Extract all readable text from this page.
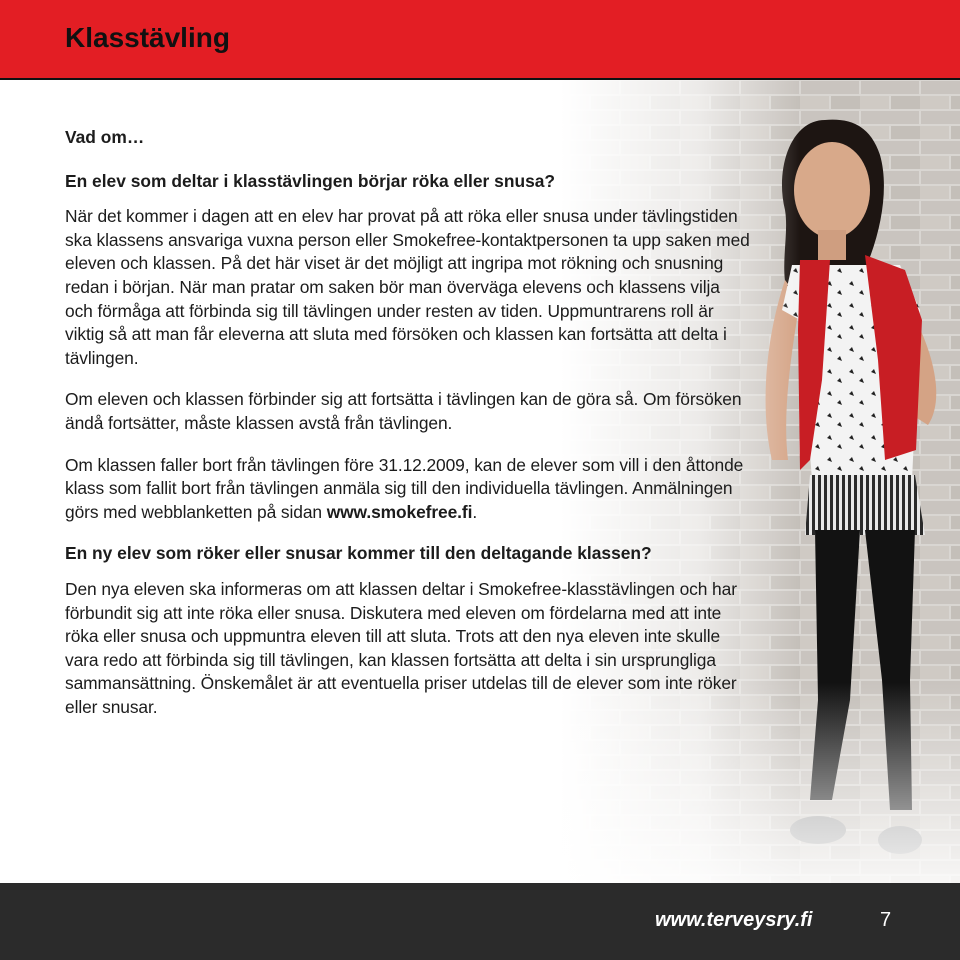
Klasstävling

Vad om…

En elev som deltar i klasstävlingen börjar röka eller snusa?

När det kommer i dagen att en elev har provat på att röka eller snusa under tävlingstiden ska klassens ansvariga vuxna person eller Smokefree-kontaktpersonen ta upp saken med eleven och klassen. På det här viset är det möjligt att ingripa mot rökning och snusning redan i början. När man pratar om saken bör man överväga elevens och klassens vilja och förmåga att förbinda sig till tävlingen under resten av tiden. Uppmuntrarens roll är viktig så att man får eleverna att sluta med försöken och klassen kan fortsätta att delta i tävlingen.

Om eleven och klassen förbinder sig att fortsätta i tävlingen kan de göra så. Om försöken ändå fortsätter, måste klassen avstå från tävlingen.

Om klassen faller bort från tävlingen före 31.12.2009, kan de elever som vill i den åttonde klass som fallit bort från tävlingen anmäla sig till den individuella tävlingen. Anmälningen görs med webblanketten på sidan www.smokefree.fi.

En ny elev som röker eller snusar kommer till den deltagande klassen?

Den nya eleven ska informeras om att klassen deltar i Smokefree-klasstävlingen och har förbundit sig att inte röka eller snusa. Diskutera med eleven om fördelarna med att inte röka eller snusa och uppmuntra eleven till att sluta. Trots att den nya eleven inte skulle vara redo att förbinda sig till tävlingen, kan klassen fortsätta att delta i sin ursprungliga sammansättning. Önskemålet är att eventuella priser utdelas till de elever som inte röker eller snusar.

www.terveysry.fi	7
